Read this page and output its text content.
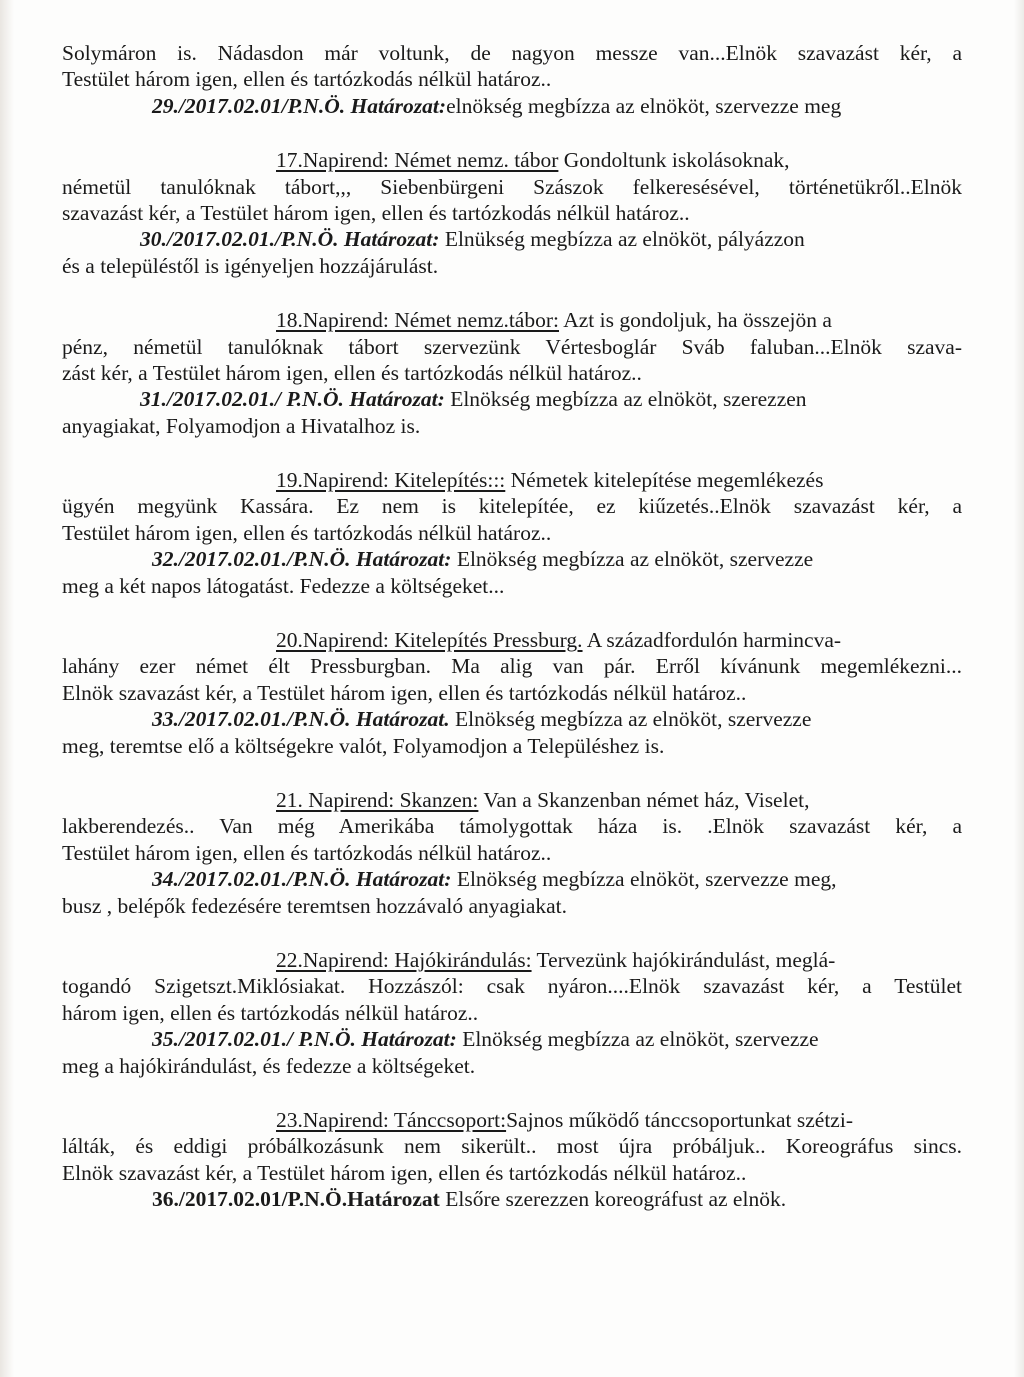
Solymáron is. Nádasdon már voltunk, de nagyon messze van...Elnök szavazást kér, a
Testület három igen, ellen és tartózkodás nélkül határoz..
29./2017.02.01/P.N.Ö. Határozat:elnökség megbízza az elnököt, szervezze meg
17.Napirend: Német nemz. tábor Gondoltunk iskolásoknak,
németül tanulóknak tábort,,, Siebenbürgeni Szászok felkeresésével, történetükről..Elnök
szavazást kér, a Testület három igen, ellen és tartózkodás nélkül határoz..
30./2017.02.01./P.N.Ö. Határozat: Elnükség megbízza az elnököt, pályázzon
és a településtől is igényeljen hozzájárulást.
18.Napirend: Német nemz.tábor: Azt is gondoljuk, ha összejön a
pénz, németül tanulóknak tábort szervezünk Vértesboglár Sváb faluban...Elnök szava-
zást kér, a Testület három igen, ellen és tartózkodás nélkül határoz..
31./2017.02.01./ P.N.Ö. Határozat: Elnökség megbízza az elnököt, szerezzen
anyagiakat, Folyamodjon a Hivatalhoz is.
19.Napirend: Kitelepítés::: Németek kitelepítése megemlékezés
ügyén megyünk Kassára. Ez nem is kitelepítée, ez kiűzetés..Elnök szavazást kér, a
Testület három igen, ellen és tartózkodás nélkül határoz..
32./2017.02.01./P.N.Ö. Határozat: Elnökség megbízza az elnököt, szervezze
meg a két napos látogatást. Fedezze a költségeket...
20.Napirend: Kitelepítés Pressburg. A századfordulón harmincva-
lahány ezer német élt Pressburgban. Ma alig van pár. Erről kívánunk megemlékezni...
Elnök szavazást kér, a Testület három igen, ellen és tartózkodás nélkül határoz..
33./2017.02.01./P.N.Ö. Határozat. Elnökség megbízza az elnököt, szervezze
meg, teremtse elő a költségekre valót, Folyamodjon a Településhez is.
21. Napirend: Skanzen: Van a Skanzenban német ház, Viselet,
lakberendezés.. Van még Amerikába támolygottak háza is. .Elnök szavazást kér, a
Testület három igen, ellen és tartózkodás nélkül határoz..
34./2017.02.01./P.N.Ö. Határozat: Elnökség megbízza elnököt, szervezze meg,
busz , belépők fedezésére teremtsen hozzávaló anyagiakat.
22.Napirend: Hajókirándulás: Tervezünk hajókirándulást, meglá-
togandó Szigetszt.Miklósiakat. Hozzászól: csak nyáron....Elnök szavazást kér, a Testület
három igen, ellen és tartózkodás nélkül határoz..
35./2017.02.01./ P.N.Ö. Határozat: Elnökség megbízza az elnököt, szervezze
meg a hajókirándulást, és fedezze a költségeket.
23.Napirend: Tánccsoport:Sajnos működő tánccsoportunkat szétzi-
lálták, és eddigi próbálkozásunk nem sikerült.. most újra próbáljuk.. Koreográfus sincs.
Elnök szavazást kér, a Testület három igen, ellen és tartózkodás nélkül határoz..
36./2017.02.01/P.N.Ö.Határozat Elsőre szerezzen koreográfust az elnök.
